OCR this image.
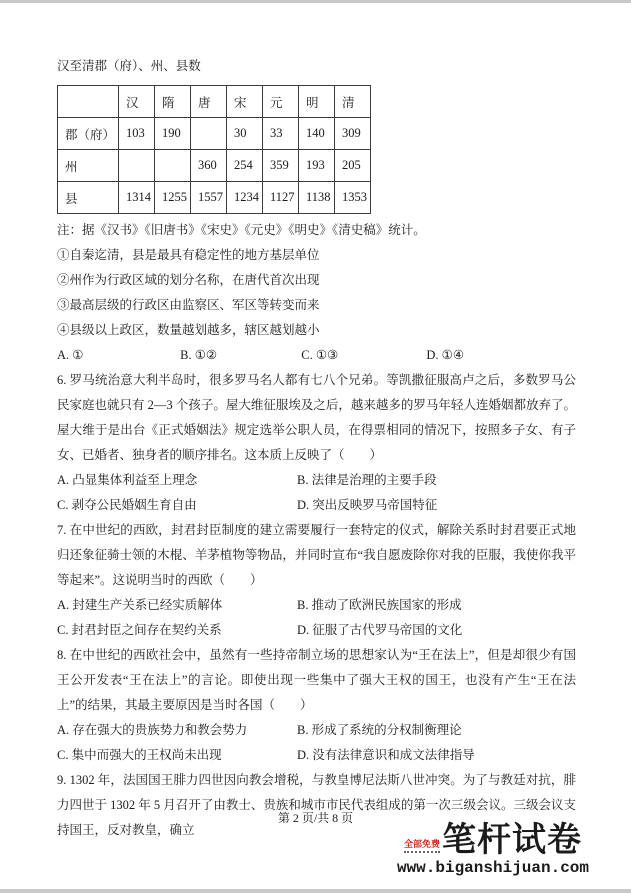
汉至清郡（府）、州、县数
	汉	隋	唐	宋	元	明	清
郡（府）	103	190		30	33	140	309
州			360	254	359	193	205
县	1314	1255	1557	1234	1127	1138	1353
注：据《汉书》《旧唐书》《宋史》《元史》《明史》《清史稿》统计。
①自秦迄清，县是最具有稳定性的地方基层单位
②州作为行政区域的划分名称，在唐代首次出现
③最高层级的行政区由监察区、军区等转变而来
④县级以上政区，数量越划越多，辖区越划越小
A. ①	B. ①②	C. ①③	D. ①④

6. 罗马统治意大利半岛时，很多罗马名人都有七八个兄弟。等凯撒征服高卢之后，多数罗马公民家庭也就只有 2—3 个孩子。屋大维征服埃及之后，越来越多的罗马年轻人连婚姻都放弃了。屋大维于是出台《正式婚姻法》规定选举公职人员，在得票相同的情况下，按照多子女、有子女、已婚者、独身者的顺序排名。这本质上反映了（　　）

A. 凸显集体利益至上理念	B. 法律是治理的主要手段
C. 剥夺公民婚姻生育自由	D. 突出反映罗马帝国特征

7. 在中世纪的西欧，封君封臣制度的建立需要履行一套特定的仪式，解除关系时封君要正式地归还象征骑士领的木棍、羊茅植物等物品，并同时宣布“我自愿废除你对我的臣服，我使你我平等起来”。这说明当时的西欧（　　）

A. 封建生产关系已经实质解体	B. 推动了欧洲民族国家的形成
C. 封君封臣之间存在契约关系	D. 征服了古代罗马帝国的文化

8. 在中世纪的西欧社会中，虽然有一些持帝制立场的思想家认为“王在法上”，但是却很少有国王公开发表“王在法上”的言论。即使出现一些集中了强大王权的国王，也没有产生“王在法上”的结果，其最主要原因是当时各国（　　）

A. 存在强大的贵族势力和教会势力	B. 形成了系统的分权制衡理论
C. 集中而强大的王权尚未出现	D. 没有法律意识和成文法律指导

9. 1302 年，法国国王腓力四世因向教会增税，与教皇博尼法斯八世冲突。为了与教廷对抗，腓力四世于 1302 年 5 月召开了由教士、贵族和城市市民代表组成的第一次三级会议。三级会议支持国王，反对教皇，确立

第 2 页/共 8 页
全部免费 笔杆试卷
www.biganshijuan.com
